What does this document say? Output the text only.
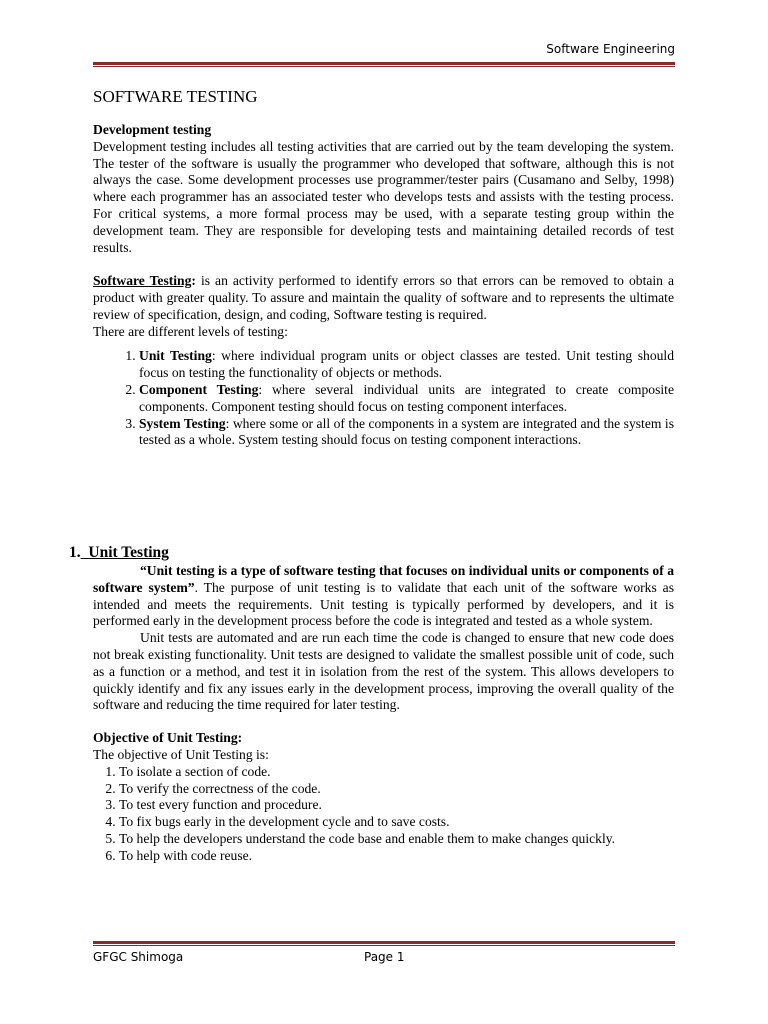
Software Engineering
SOFTWARE TESTING

Development testing

Development testing includes all testing activities that are carried out by the team developing the system. The tester of the software is usually the programmer who developed that software, although this is not always the case. Some development processes use programmer/tester pairs (Cusamano and Selby, 1998) where each programmer has an associated tester who develops tests and assists with the testing process. For critical systems, a more formal process may be used, with a separate testing group within the development team. They are responsible for developing tests and maintaining detailed records of test results.

Software Testing: is an activity performed to identify errors so that errors can be removed to obtain a product with greater quality. To assure and maintain the quality of software and to represents the ultimate review of specification, design, and coding, Software testing is required.

There are different levels of testing:

1. Unit Testing: where individual program units or object classes are tested. Unit testing should focus on testing the functionality of objects or methods.
2. Component Testing: where several individual units are integrated to create composite components. Component testing should focus on testing component interfaces.
3. System Testing: where some or all of the components in a system are integrated and the system is tested as a whole. System testing should focus on testing component interactions.
1. Unit Testing

“Unit testing is a type of software testing that focuses on individual units or components of a software system”. The purpose of unit testing is to validate that each unit of the software works as intended and meets the requirements. Unit testing is typically performed by developers, and it is performed early in the development process before the code is integrated and tested as a whole system.

Unit tests are automated and are run each time the code is changed to ensure that new code does not break existing functionality. Unit tests are designed to validate the smallest possible unit of code, such as a function or a method, and test it in isolation from the rest of the system. This allows developers to quickly identify and fix any issues early in the development process, improving the overall quality of the software and reducing the time required for later testing.

Objective of Unit Testing:

The objective of Unit Testing is:

1. To isolate a section of code.
2. To verify the correctness of the code.
3. To test every function and procedure.
4. To fix bugs early in the development cycle and to save costs.
5. To help the developers understand the code base and enable them to make changes quickly.
6. To help with code reuse.
GFGC Shimoga	Page 1
